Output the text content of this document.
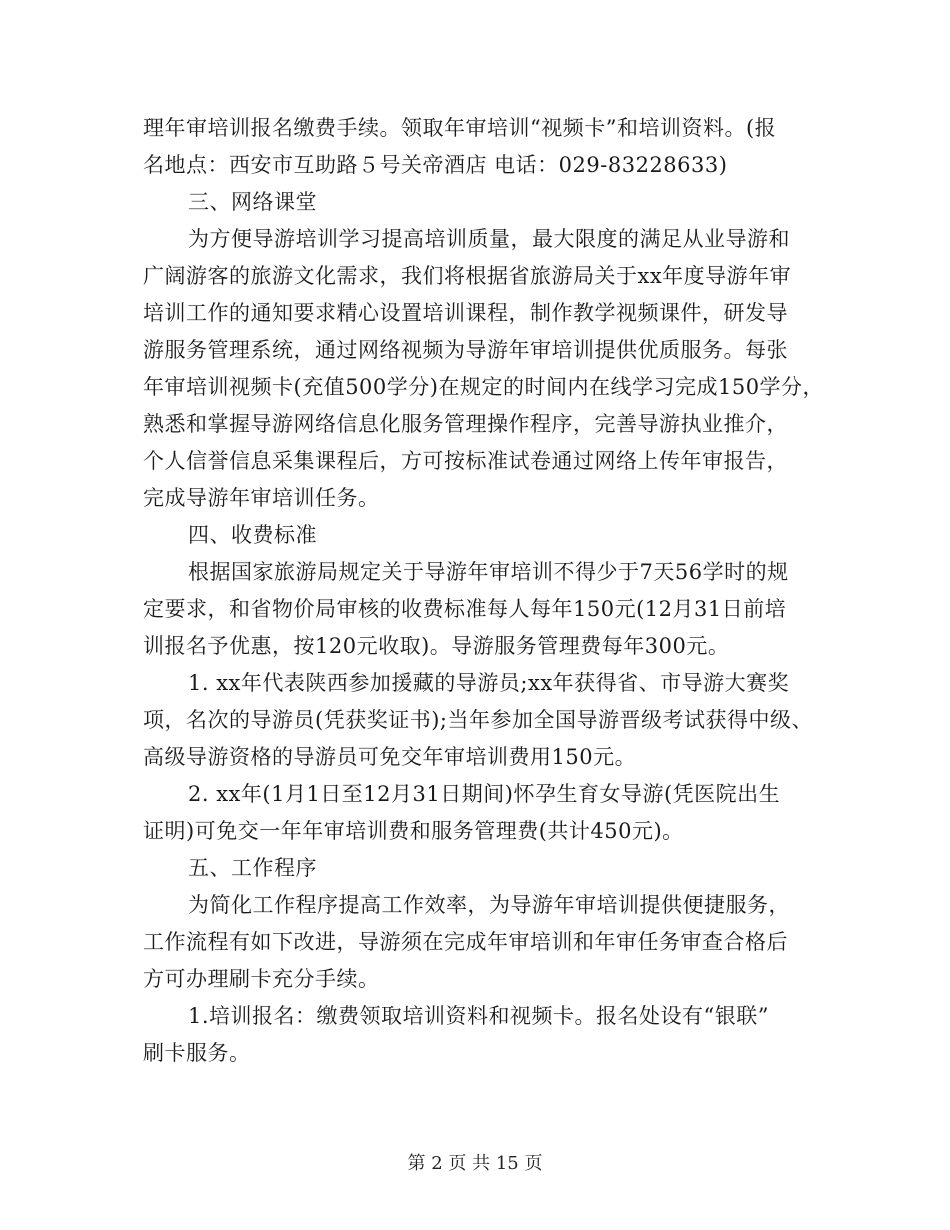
理年审培训报名缴费手续。领取年审培训“视频卡”和培训资料。(报
名地点：西安市互助路５号关帝酒店 电话：029-83228633)
三、网络课堂
为方便导游培训学习提高培训质量，最大限度的满足从业导游和
广阔游客的旅游文化需求，我们将根据省旅游局关于xx年度导游年审
培训工作的通知要求精心设置培训课程，制作教学视频课件，研发导
游服务管理系统，通过网络视频为导游年审培训提供优质服务。每张
年审培训视频卡(充值500学分)在规定的时间内在线学习完成150学分，
熟悉和掌握导游网络信息化服务管理操作程序，完善导游执业推介，
个人信誉信息采集课程后，方可按标准试卷通过网络上传年审报告，
完成导游年审培训任务。
四、收费标准
根据国家旅游局规定关于导游年审培训不得少于7天56学时的规
定要求，和省物价局审核的收费标准每人每年150元(12月31日前培
训报名予优惠，按120元收取)。导游服务管理费每年300元。
1. xx年代表陕西参加援藏的导游员;xx年获得省、市导游大赛奖
项，名次的导游员(凭获奖证书);当年参加全国导游晋级考试获得中级、
高级导游资格的导游员可免交年审培训费用150元。
2. xx年(1月1日至12月31日期间)怀孕生育女导游(凭医院出生
证明)可免交一年年审培训费和服务管理费(共计450元)。
五、工作程序
为简化工作程序提高工作效率，为导游年审培训提供便捷服务，
工作流程有如下改进，导游须在完成年审培训和年审任务审查合格后
方可办理刷卡充分手续。
1.培训报名：缴费领取培训资料和视频卡。报名处设有“银联”
刷卡服务。
第 2 页 共 15 页
